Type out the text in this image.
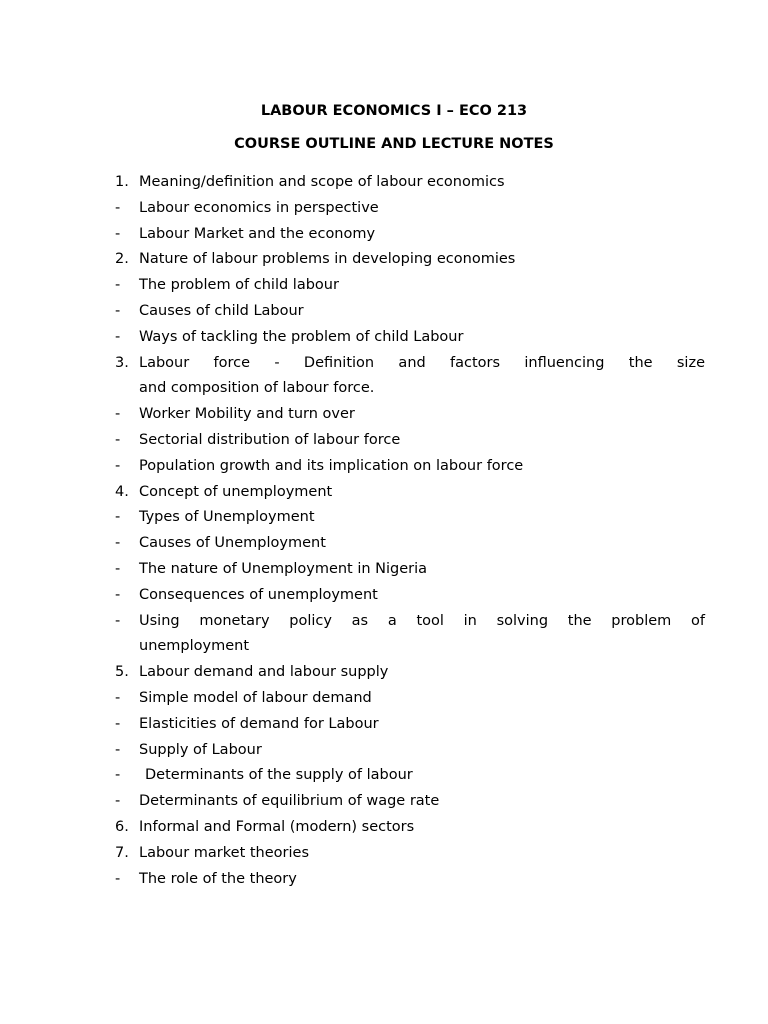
LABOUR ECONOMICS I – ECO 213
COURSE OUTLINE AND LECTURE NOTES
1. Meaning/definition and scope of labour economics
- Labour economics in perspective
- Labour Market and the economy
2. Nature of labour problems in developing economies
- The problem of child labour
- Causes of child Labour
- Ways of tackling the problem of child Labour
3. Labour force - Definition and factors influencing the size
and composition of labour force.
- Worker Mobility and turn over
- Sectorial distribution of labour force
- Population growth and its implication on labour force
4. Concept of unemployment
- Types of Unemployment
- Causes of Unemployment
- The nature of Unemployment in Nigeria
- Consequences of unemployment
- Using monetary policy as a tool in solving the problem of
unemployment
5. Labour demand and labour supply
- Simple model of labour demand
- Elasticities of demand for Labour
- Supply of Labour
- Determinants of the supply of labour
- Determinants of equilibrium of wage rate
6. Informal and Formal (modern) sectors
7. Labour market theories
- The role of the theory
